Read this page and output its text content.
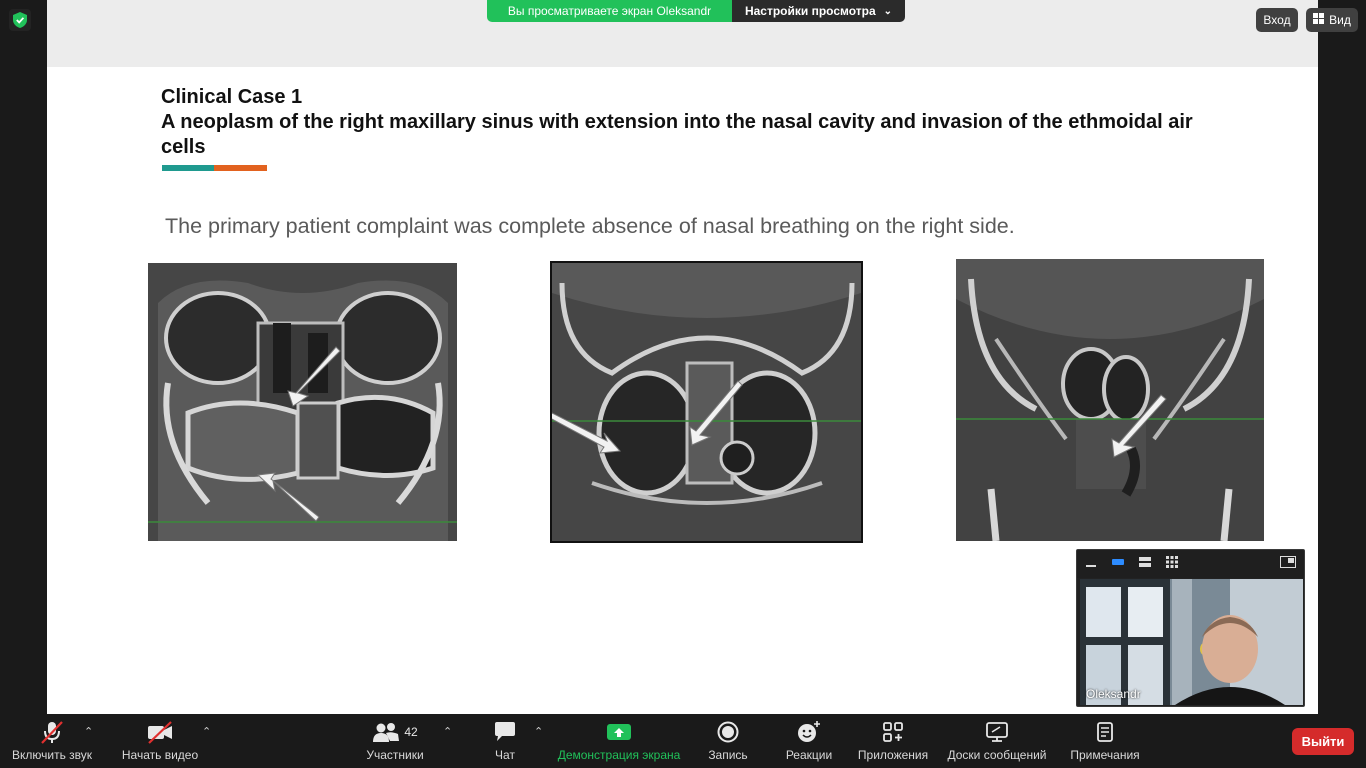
Clinical Case 1
A neoplasm of the right maxillary sinus with extension into the nasal cavity and invasion of the ethmoidal air cells
The primary patient complaint was complete absence of nasal breathing on the right side.
Вы просматриваете экран Oleksandr	Настройки просмотра ⌄
Вход	Вид
Oleksandr
Включить звук
⌃
Начать видео
⌃	42
Участники
⌃
Чат
⌃
Демонстрация экрана Запись	Реакции Приложения Доски сообщений Примечания
Выйти
